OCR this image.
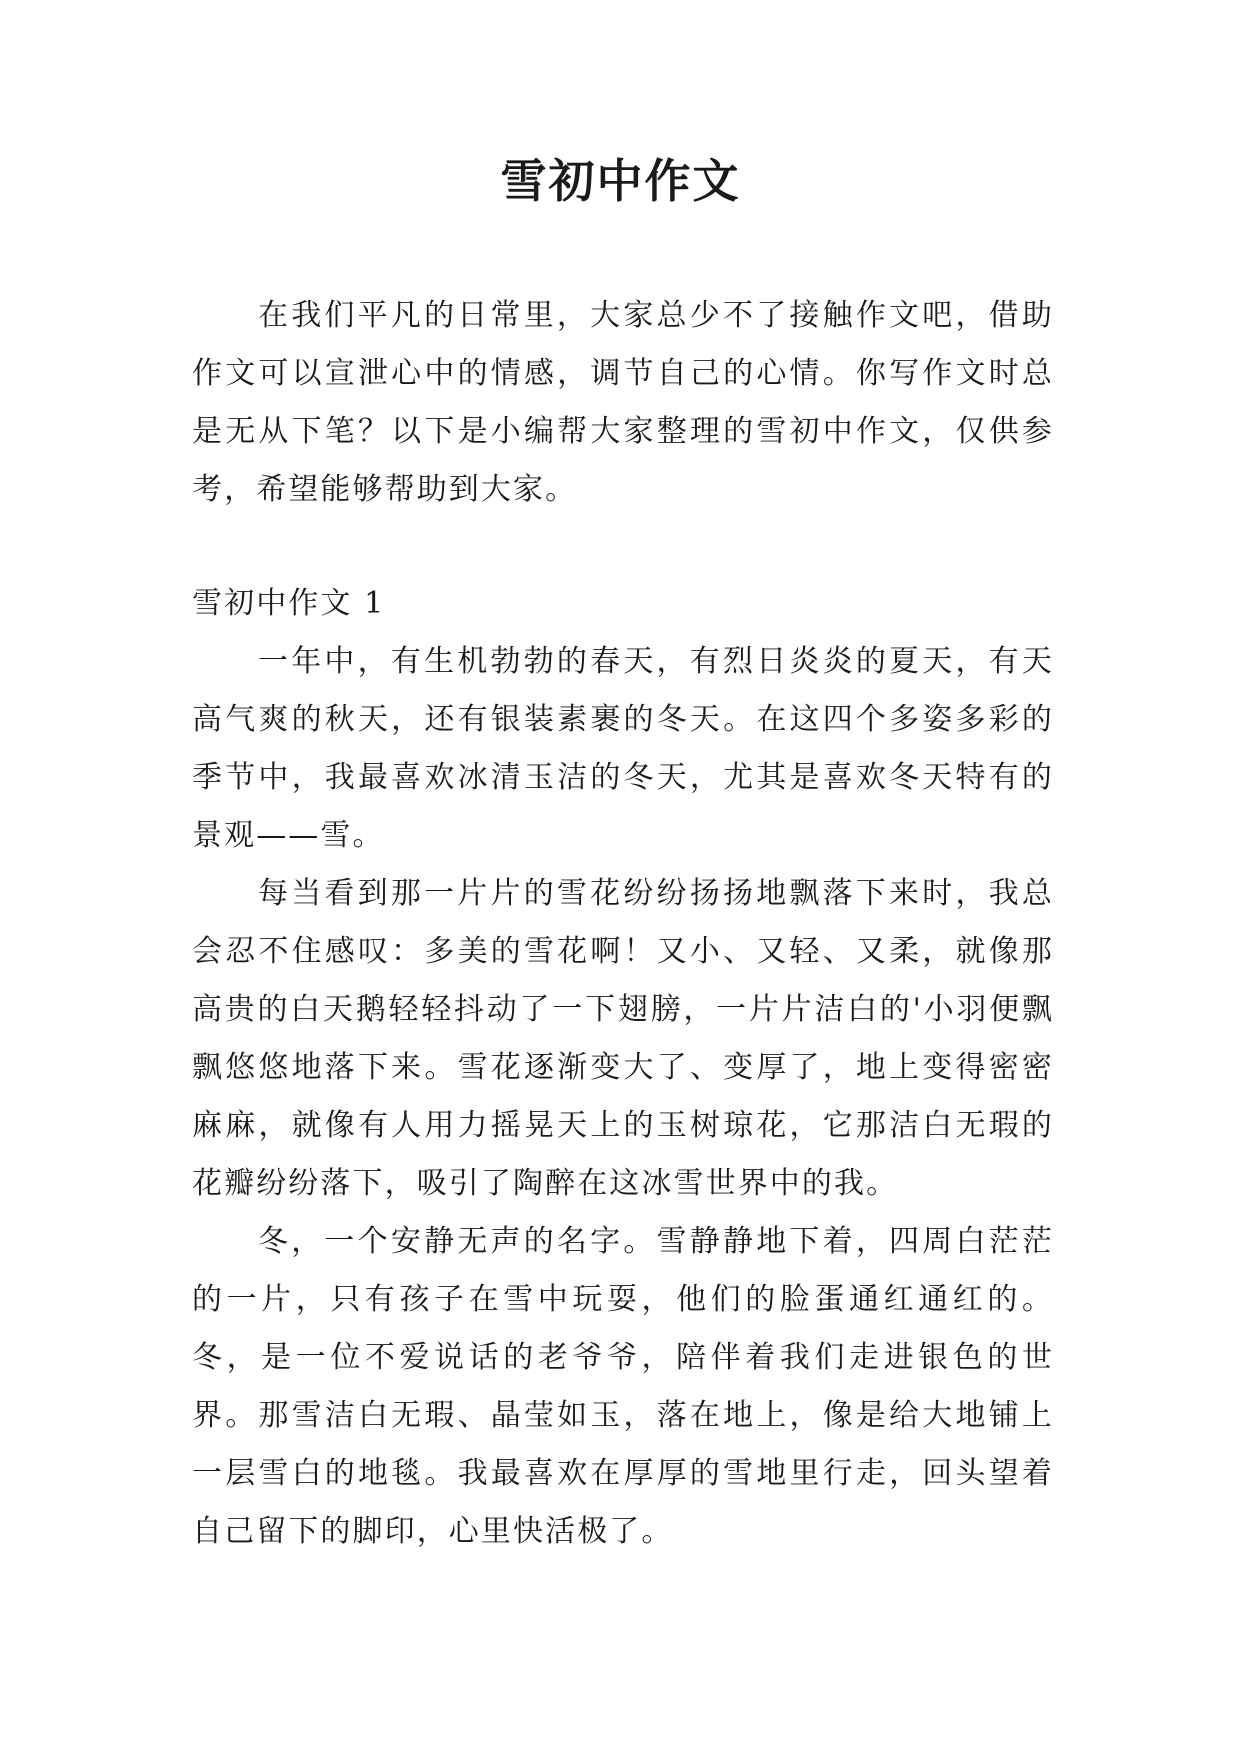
雪初中作文

在我们平凡的日常里，大家总少不了接触作文吧，借助作文可以宣泄心中的情感，调节自己的心情。你写作文时总是无从下笔？以下是小编帮大家整理的雪初中作文，仅供参考，希望能够帮助到大家。

雪初中作文 1

一年中，有生机勃勃的春天，有烈日炎炎的夏天，有天高气爽的秋天，还有银装素裹的冬天。在这四个多姿多彩的季节中，我最喜欢冰清玉洁的冬天，尤其是喜欢冬天特有的景观——雪。

每当看到那一片片的雪花纷纷扬扬地飘落下来时，我总会忍不住感叹：多美的雪花啊！又小、又轻、又柔，就像那高贵的白天鹅轻轻抖动了一下翅膀，一片片洁白的'小羽便飘飘悠悠地落下来。雪花逐渐变大了、变厚了，地上变得密密麻麻，就像有人用力摇晃天上的玉树琼花，它那洁白无瑕的花瓣纷纷落下，吸引了陶醉在这冰雪世界中的我。

冬，一个安静无声的名字。雪静静地下着，四周白茫茫的一片，只有孩子在雪中玩耍，他们的脸蛋通红通红的。冬，是一位不爱说话的老爷爷，陪伴着我们走进银色的世界。那雪洁白无瑕、晶莹如玉，落在地上，像是给大地铺上一层雪白的地毯。我最喜欢在厚厚的雪地里行走，回头望着自己留下的脚印，心里快活极了。
